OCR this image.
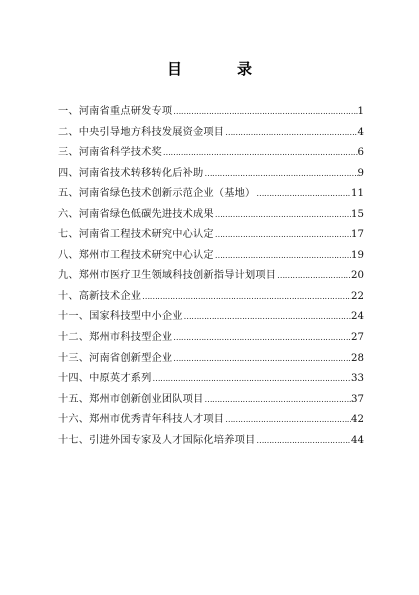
目　录
一、河南省重点研发专项 …………………………………………………………………………………………………………	1
二、中央引导地方科技发展资金项目 …………………………………………………………………………………………………………	4
三、河南省科学技术奖 …………………………………………………………………………………………………………	6
四、河南省技术转移转化后补助 …………………………………………………………………………………………………………	9
五、河南省绿色技术创新示范企业（基地） …………………………………………………………………………………………………………	11
六、河南省绿色低碳先进技术成果 …………………………………………………………………………………………………………	15
七、河南省工程技术研究中心认定 …………………………………………………………………………………………………………	17
八、郑州市工程技术研究中心认定 …………………………………………………………………………………………………………	19
九、郑州市医疗卫生领域科技创新指导计划项目 …………………………………………………………………………………………………………	20
十、高新技术企业 …………………………………………………………………………………………………………	22
十一、国家科技型中小企业 …………………………………………………………………………………………………………	24
十二、郑州市科技型企业 …………………………………………………………………………………………………………	27
十三、河南省创新型企业 …………………………………………………………………………………………………………	28
十四、中原英才系列 …………………………………………………………………………………………………………	33
十五、郑州市创新创业团队项目 …………………………………………………………………………………………………………	37
十六、郑州市优秀青年科技人才项目 …………………………………………………………………………………………………………	42
十七、引进外国专家及人才国际化培养项目 …………………………………………………………………………………………………………	44
